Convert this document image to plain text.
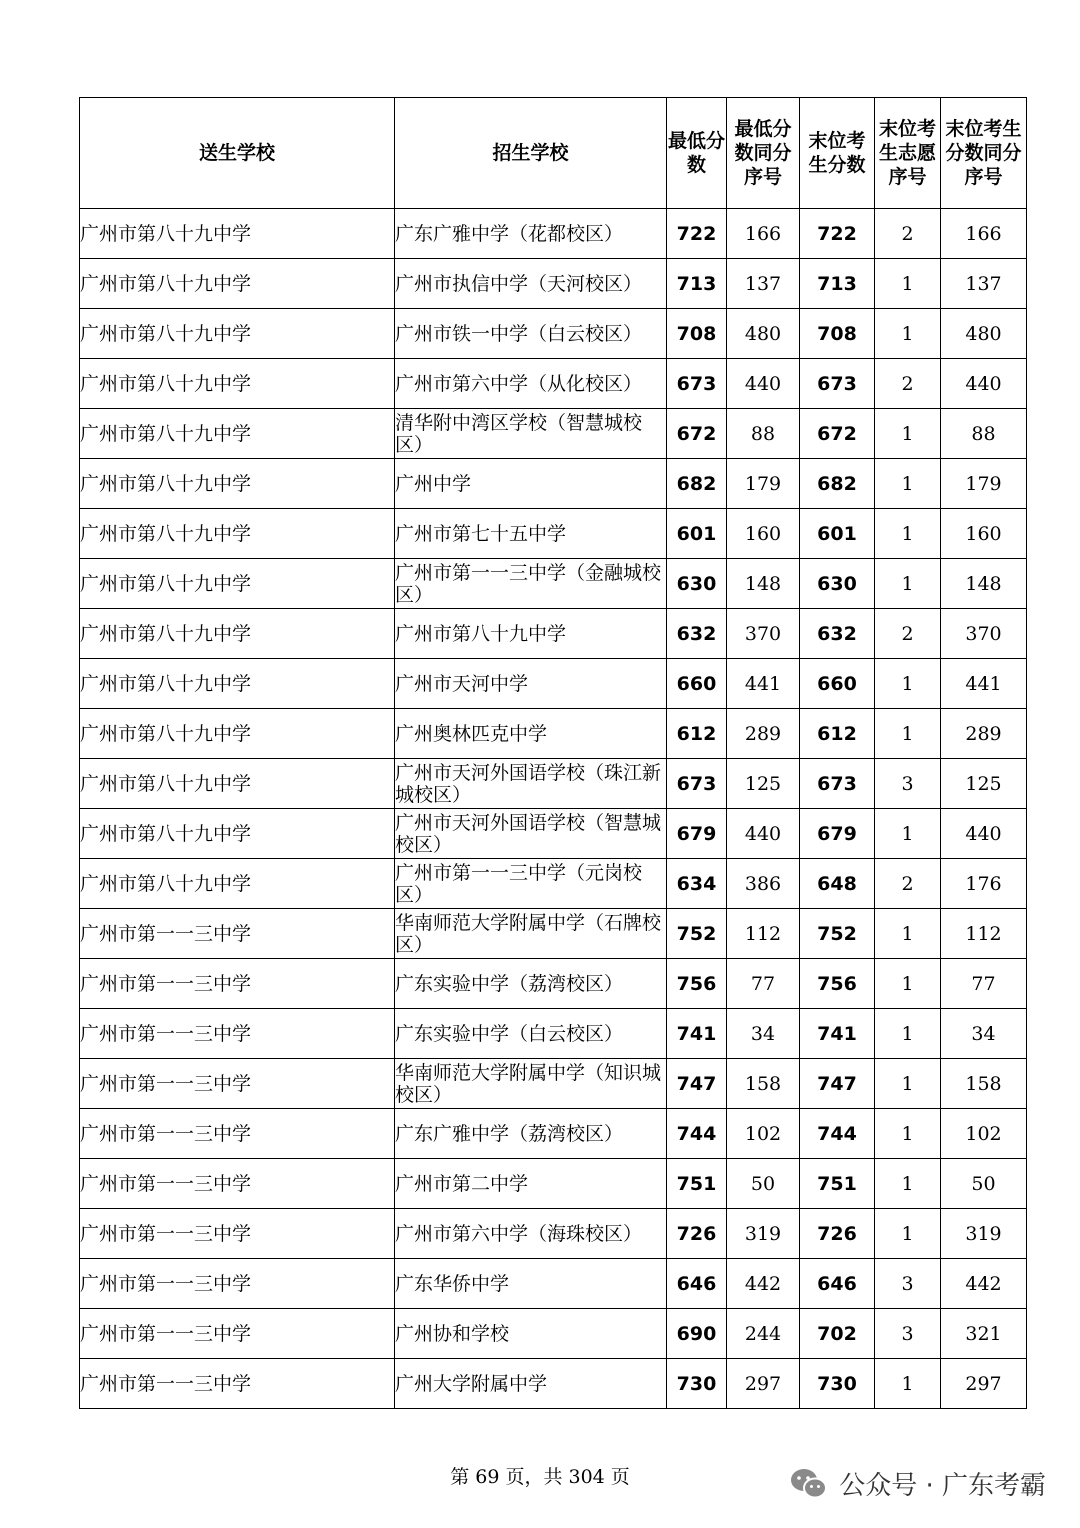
送生学校	招生学校	最低分数	最低分数同分序号	末位考生分数	末位考生志愿序号	末位考生分数同分序号
广州市第八十九中学	广东广雅中学（花都校区）	722	166	722	2	166
广州市第八十九中学	广州市执信中学（天河校区）	713	137	713	1	137
广州市第八十九中学	广州市铁一中学（白云校区）	708	480	708	1	480
广州市第八十九中学	广州市第六中学（从化校区）	673	440	673	2	440
广州市第八十九中学	清华附中湾区学校（智慧城校区）	672	88	672	1	88
广州市第八十九中学	广州中学	682	179	682	1	179
广州市第八十九中学	广州市第七十五中学	601	160	601	1	160
广州市第八十九中学	广州市第一一三中学（金融城校区）	630	148	630	1	148
广州市第八十九中学	广州市第八十九中学	632	370	632	2	370
广州市第八十九中学	广州市天河中学	660	441	660	1	441
广州市第八十九中学	广州奥林匹克中学	612	289	612	1	289
广州市第八十九中学	广州市天河外国语学校（珠江新城校区）	673	125	673	3	125
广州市第八十九中学	广州市天河外国语学校（智慧城校区）	679	440	679	1	440
广州市第八十九中学	广州市第一一三中学（元岗校区）	634	386	648	2	176
广州市第一一三中学	华南师范大学附属中学（石牌校区）	752	112	752	1	112
广州市第一一三中学	广东实验中学（荔湾校区）	756	77	756	1	77
广州市第一一三中学	广东实验中学（白云校区）	741	34	741	1	34
广州市第一一三中学	华南师范大学附属中学（知识城校区）	747	158	747	1	158
广州市第一一三中学	广东广雅中学（荔湾校区）	744	102	744	1	102
广州市第一一三中学	广州市第二中学	751	50	751	1	50
广州市第一一三中学	广州市第六中学（海珠校区）	726	319	726	1	319
广州市第一一三中学	广东华侨中学	646	442	646	3	442
广州市第一一三中学	广州协和学校	690	244	702	3	321
广州市第一一三中学	广州大学附属中学	730	297	730	1	297
第 69 页，共 304 页	公众号 · 广东考霸
